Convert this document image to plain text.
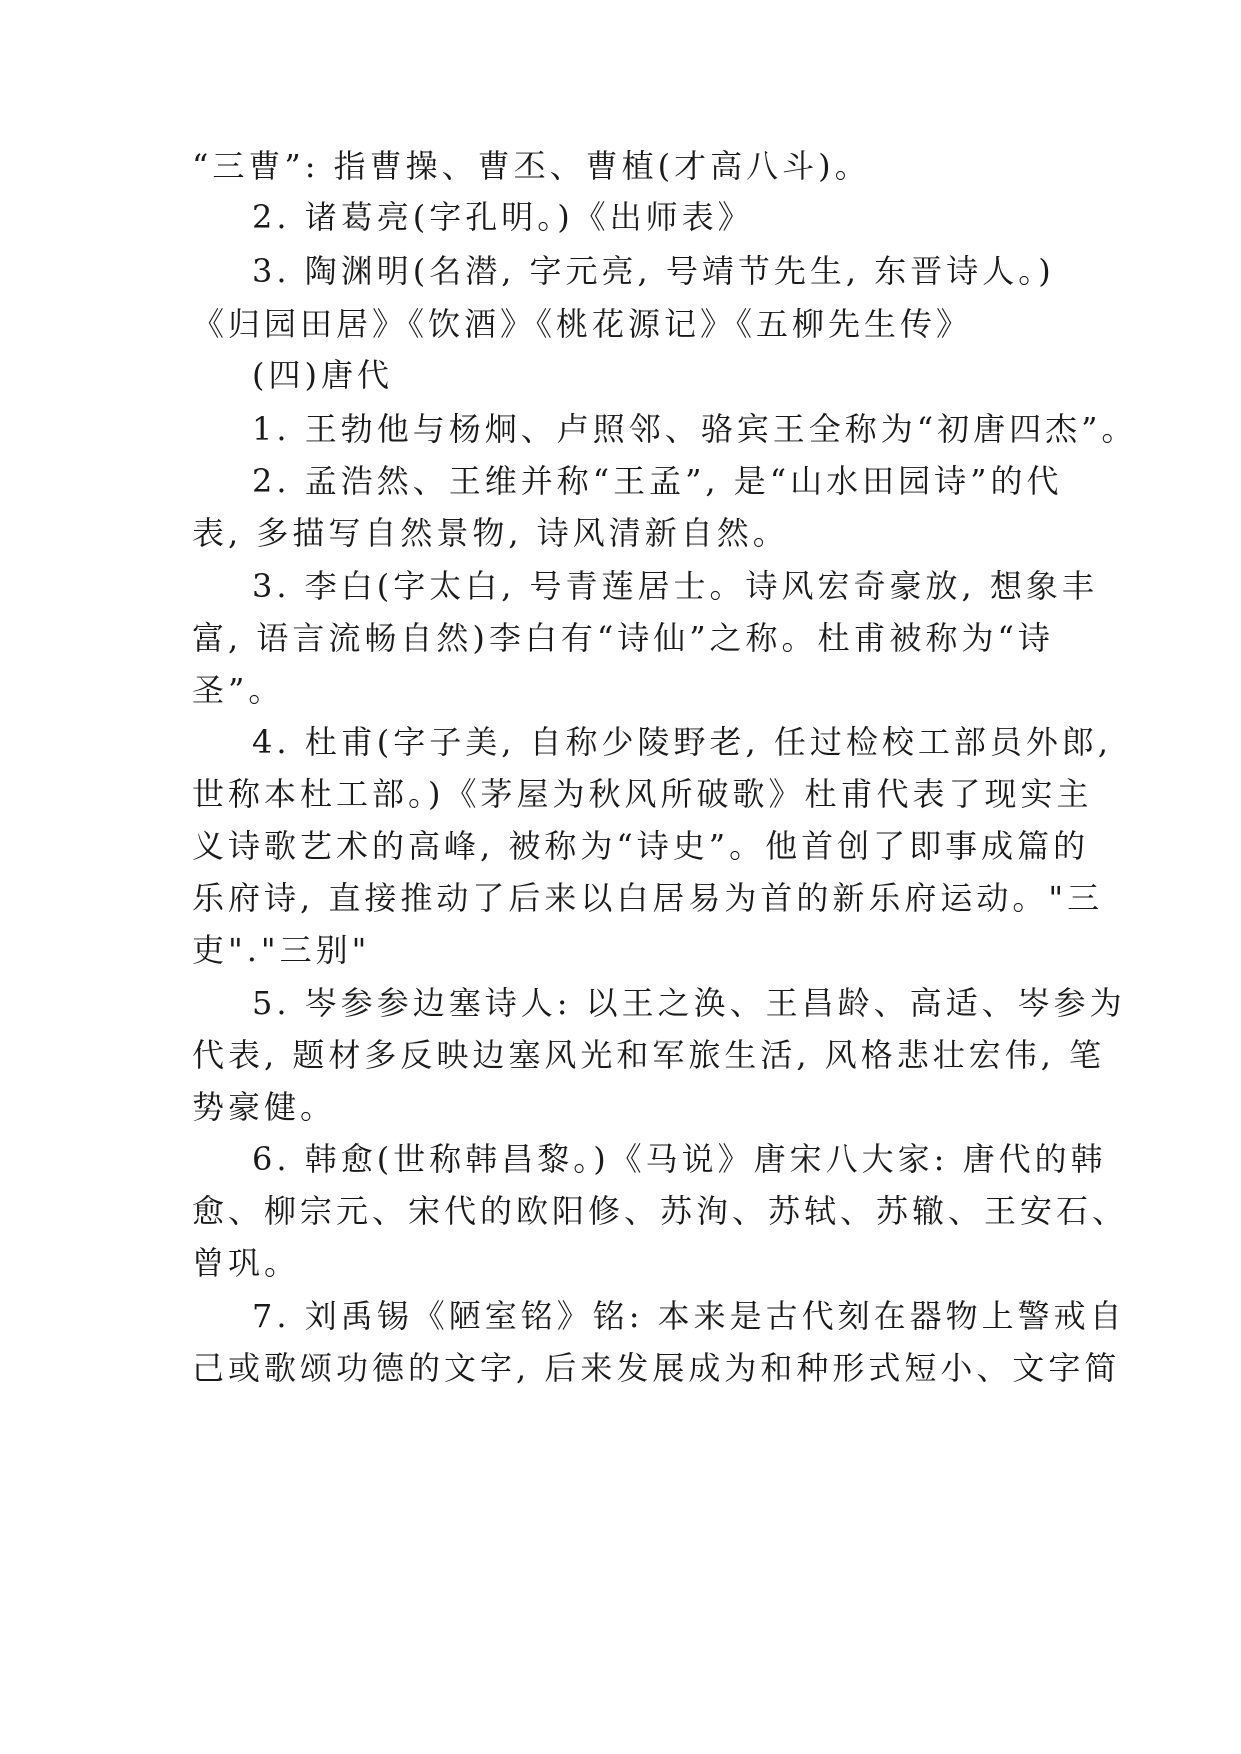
“三曹”: 指曹操、曹丕、曹植(才高八斗)。
2. 诸葛亮(字孔明。)《出师表》
3. 陶渊明(名潜, 字元亮, 号靖节先生, 东晋诗人。)
《归园田居》《饮酒》《桃花源记》《五柳先生传》
(四)唐代
1. 王勃他与杨炯、卢照邻、骆宾王全称为“初唐四杰”。
2. 孟浩然、王维并称“王孟”, 是“山水田园诗”的代
表, 多描写自然景物, 诗风清新自然。
3. 李白(字太白, 号青莲居士。诗风宏奇豪放, 想象丰
富, 语言流畅自然)李白有“诗仙”之称。杜甫被称为“诗
圣”。
4. 杜甫(字子美, 自称少陵野老, 任过检校工部员外郎,
世称本杜工部。)《茅屋为秋风所破歌》杜甫代表了现实主
义诗歌艺术的高峰, 被称为“诗史”。他首创了即事成篇的
乐府诗, 直接推动了后来以白居易为首的新乐府运动。"三
吏"."三别"
5. 岑参参边塞诗人: 以王之涣、王昌龄、高适、岑参为
代表, 题材多反映边塞风光和军旅生活, 风格悲壮宏伟, 笔
势豪健。
6. 韩愈(世称韩昌黎。)《马说》唐宋八大家: 唐代的韩
愈、柳宗元、宋代的欧阳修、苏洵、苏轼、苏辙、王安石、
曾巩。
7. 刘禹锡《陋室铭》铭: 本来是古代刻在器物上警戒自
己或歌颂功德的文字, 后来发展成为和种形式短小、文字简
